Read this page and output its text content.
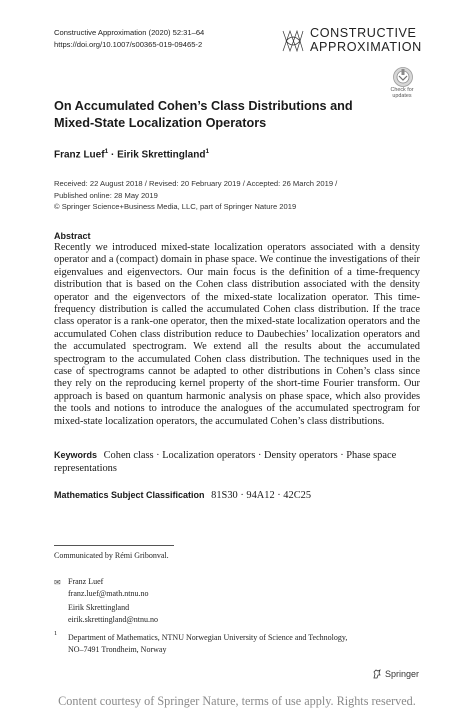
Constructive Approximation (2020) 52:31–64
https://doi.org/10.1007/s00365-019-09465-2
CONSTRUCTIVE
APPROXIMATION
Check for
updates
On Accumulated Cohen’s Class Distributions and
Mixed-State Localization Operators
Franz Luef$^1$ · Eirik Skrettingland$^1$
Received: 22 August 2018 / Revised: 20 February 2019 / Accepted: 26 March 2019 /
Published online: 28 May 2019
© Springer Science+Business Media, LLC, part of Springer Nature 2019
Abstract
Recently we introduced mixed-state localization operators associated with a density operator and a (compact) domain in phase space. We continue the investigations of their eigenvalues and eigenvectors. Our main focus is the definition of a time-frequency distribution that is based on the Cohen class distribution associated with the density operator and the eigenvectors of the mixed-state localization operator. This time-frequency distribution is called the accumulated Cohen class distribution. If the trace class operator is a rank-one operator, then the mixed-state localization operators and the accumulated Cohen class distribution reduce to Daubechies’ localization operators and the accumulated spectrogram. We extend all the results about the accumulated spectrogram to the accumulated Cohen class distribution. The techniques used in the case of spectrograms cannot be adapted to other distributions in Cohen’s class since they rely on the reproducing kernel property of the short-time Fourier transform. Our approach is based on quantum harmonic analysis on phase space, which also provides the tools and notions to introduce the analogues of the accumulated spectrogram for mixed-state localization operators, the accumulated Cohen’s class distributions.
Keywords Cohen class · Localization operators · Density operators · Phase space representations
Mathematics Subject Classification 81S30 · 94A12 · 42C25
Communicated by Rémi Gribonval.
✉ Franz Luef
franz.luef@math.ntnu.no
Eirik Skrettingland
eirik.skrettingland@ntnu.no
1 Department of Mathematics, NTNU Norwegian University of Science and Technology,
NO–7491 Trondheim, Norway
Springer
Content courtesy of Springer Nature, terms of use apply. Rights reserved.
